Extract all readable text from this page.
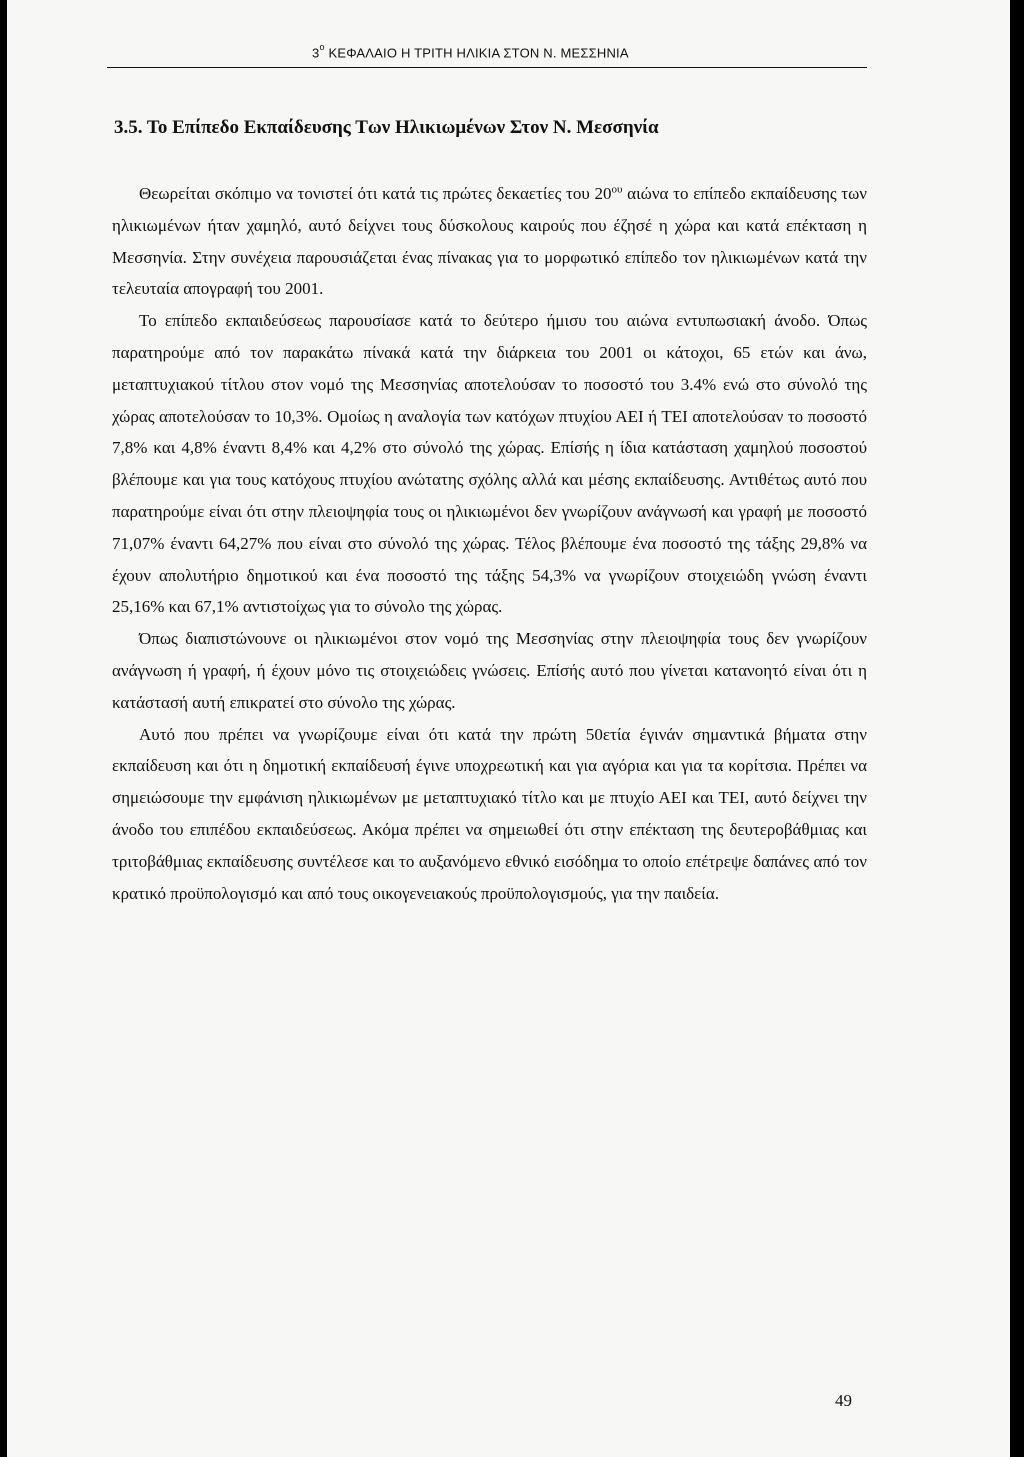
$3^o$ ΚΕΦΑΛΑΙΟ Η ΤΡΙΤΗ ΗΛΙΚΙΑ ΣΤΟΝ Ν. ΜΕΣΣΗΝΙΑ
3.5. Το Επίπεδο Εκπαίδευσης Των Ηλικιωμένων Στον Ν. Μεσσηνία

Θεωρείται σκόπιμο να τονιστεί ότι κατά τις πρώτες δεκαετίες του $20^{o\upsilon}$ αιώνα το επίπεδο εκπαίδευσης των ηλικιωμένων ήταν χαμηλό, αυτό δείχνει τους δύσκολους καιρούς που έζησέ η χώρα και κατά επέκταση η Μεσσηνία. Στην συνέχεια παρουσιάζεται ένας πίνακας για το μορφωτικό επίπεδο τον ηλικιωμένων κατά την τελευταία απογραφή του 2001.

Το επίπεδο εκπαιδεύσεως παρουσίασε κατά το δεύτερο ήμισυ του αιώνα εντυπωσιακή άνοδο. Όπως παρατηρούμε από τον παρακάτω πίνακά κατά την διάρκεια του 2001 οι κάτοχοι, 65 ετών και άνω, μεταπτυχιακού τίτλου στον νομό της Μεσσηνίας αποτελούσαν το ποσοστό του 3.4% ενώ στο σύνολό της χώρας αποτελούσαν το 10,3%. Ομοίως η αναλογία των κατόχων πτυχίου ΑΕΙ ή ΤΕΙ αποτελούσαν το ποσοστό 7,8% και 4,8% έναντι 8,4% και 4,2% στο σύνολό της χώρας. Επίσής η ίδια κατάσταση χαμηλού ποσοστού βλέπουμε και για τους κατόχους πτυχίου ανώτατης σχόλης αλλά και μέσης εκπαίδευσης. Αντιθέτως αυτό που παρατηρούμε είναι ότι στην πλειοψηφία τους οι ηλικιωμένοι δεν γνωρίζουν ανάγνωσή και γραφή με ποσοστό 71,07% έναντι 64,27% που είναι στο σύνολό της χώρας. Τέλος βλέπουμε ένα ποσοστό της τάξης 29,8% να έχουν απολυτήριο δημοτικού και ένα ποσοστό της τάξης 54,3% να γνωρίζουν στοιχειώδη γνώση έναντι 25,16% και 67,1% αντιστοίχως για το σύνολο της χώρας.

Όπως διαπιστώνουνε οι ηλικιωμένοι στον νομό της Μεσσηνίας στην πλειοψηφία τους δεν γνωρίζουν ανάγνωση ή γραφή, ή έχουν μόνο τις στοιχειώδεις γνώσεις. Επίσής αυτό που γίνεται κατανοητό είναι ότι η κατάστασή αυτή επικρατεί στο σύνολο της χώρας.

Αυτό που πρέπει να γνωρίζουμε είναι ότι κατά την πρώτη 50ετία έγινάν σημαντικά βήματα στην εκπαίδευση και ότι η δημοτική εκπαίδευσή έγινε υποχρεωτική και για αγόρια και για τα κορίτσια. Πρέπει να σημειώσουμε την εμφάνιση ηλικιωμένων με μεταπτυχιακό τίτλο και με πτυχίο ΑΕΙ και ΤΕΙ, αυτό δείχνει την άνοδο του επιπέδου εκπαιδεύσεως. Ακόμα πρέπει να σημειωθεί ότι στην επέκταση της δευτεροβάθμιας και τριτοβάθμιας εκπαίδευσης συντέλεσε και το αυξανόμενο εθνικό εισόδημα το οποίο επέτρεψε δαπάνες από τον κρατικό προϋπολογισμό και από τους οικογενειακούς προϋπολογισμούς, για την παιδεία.

49
